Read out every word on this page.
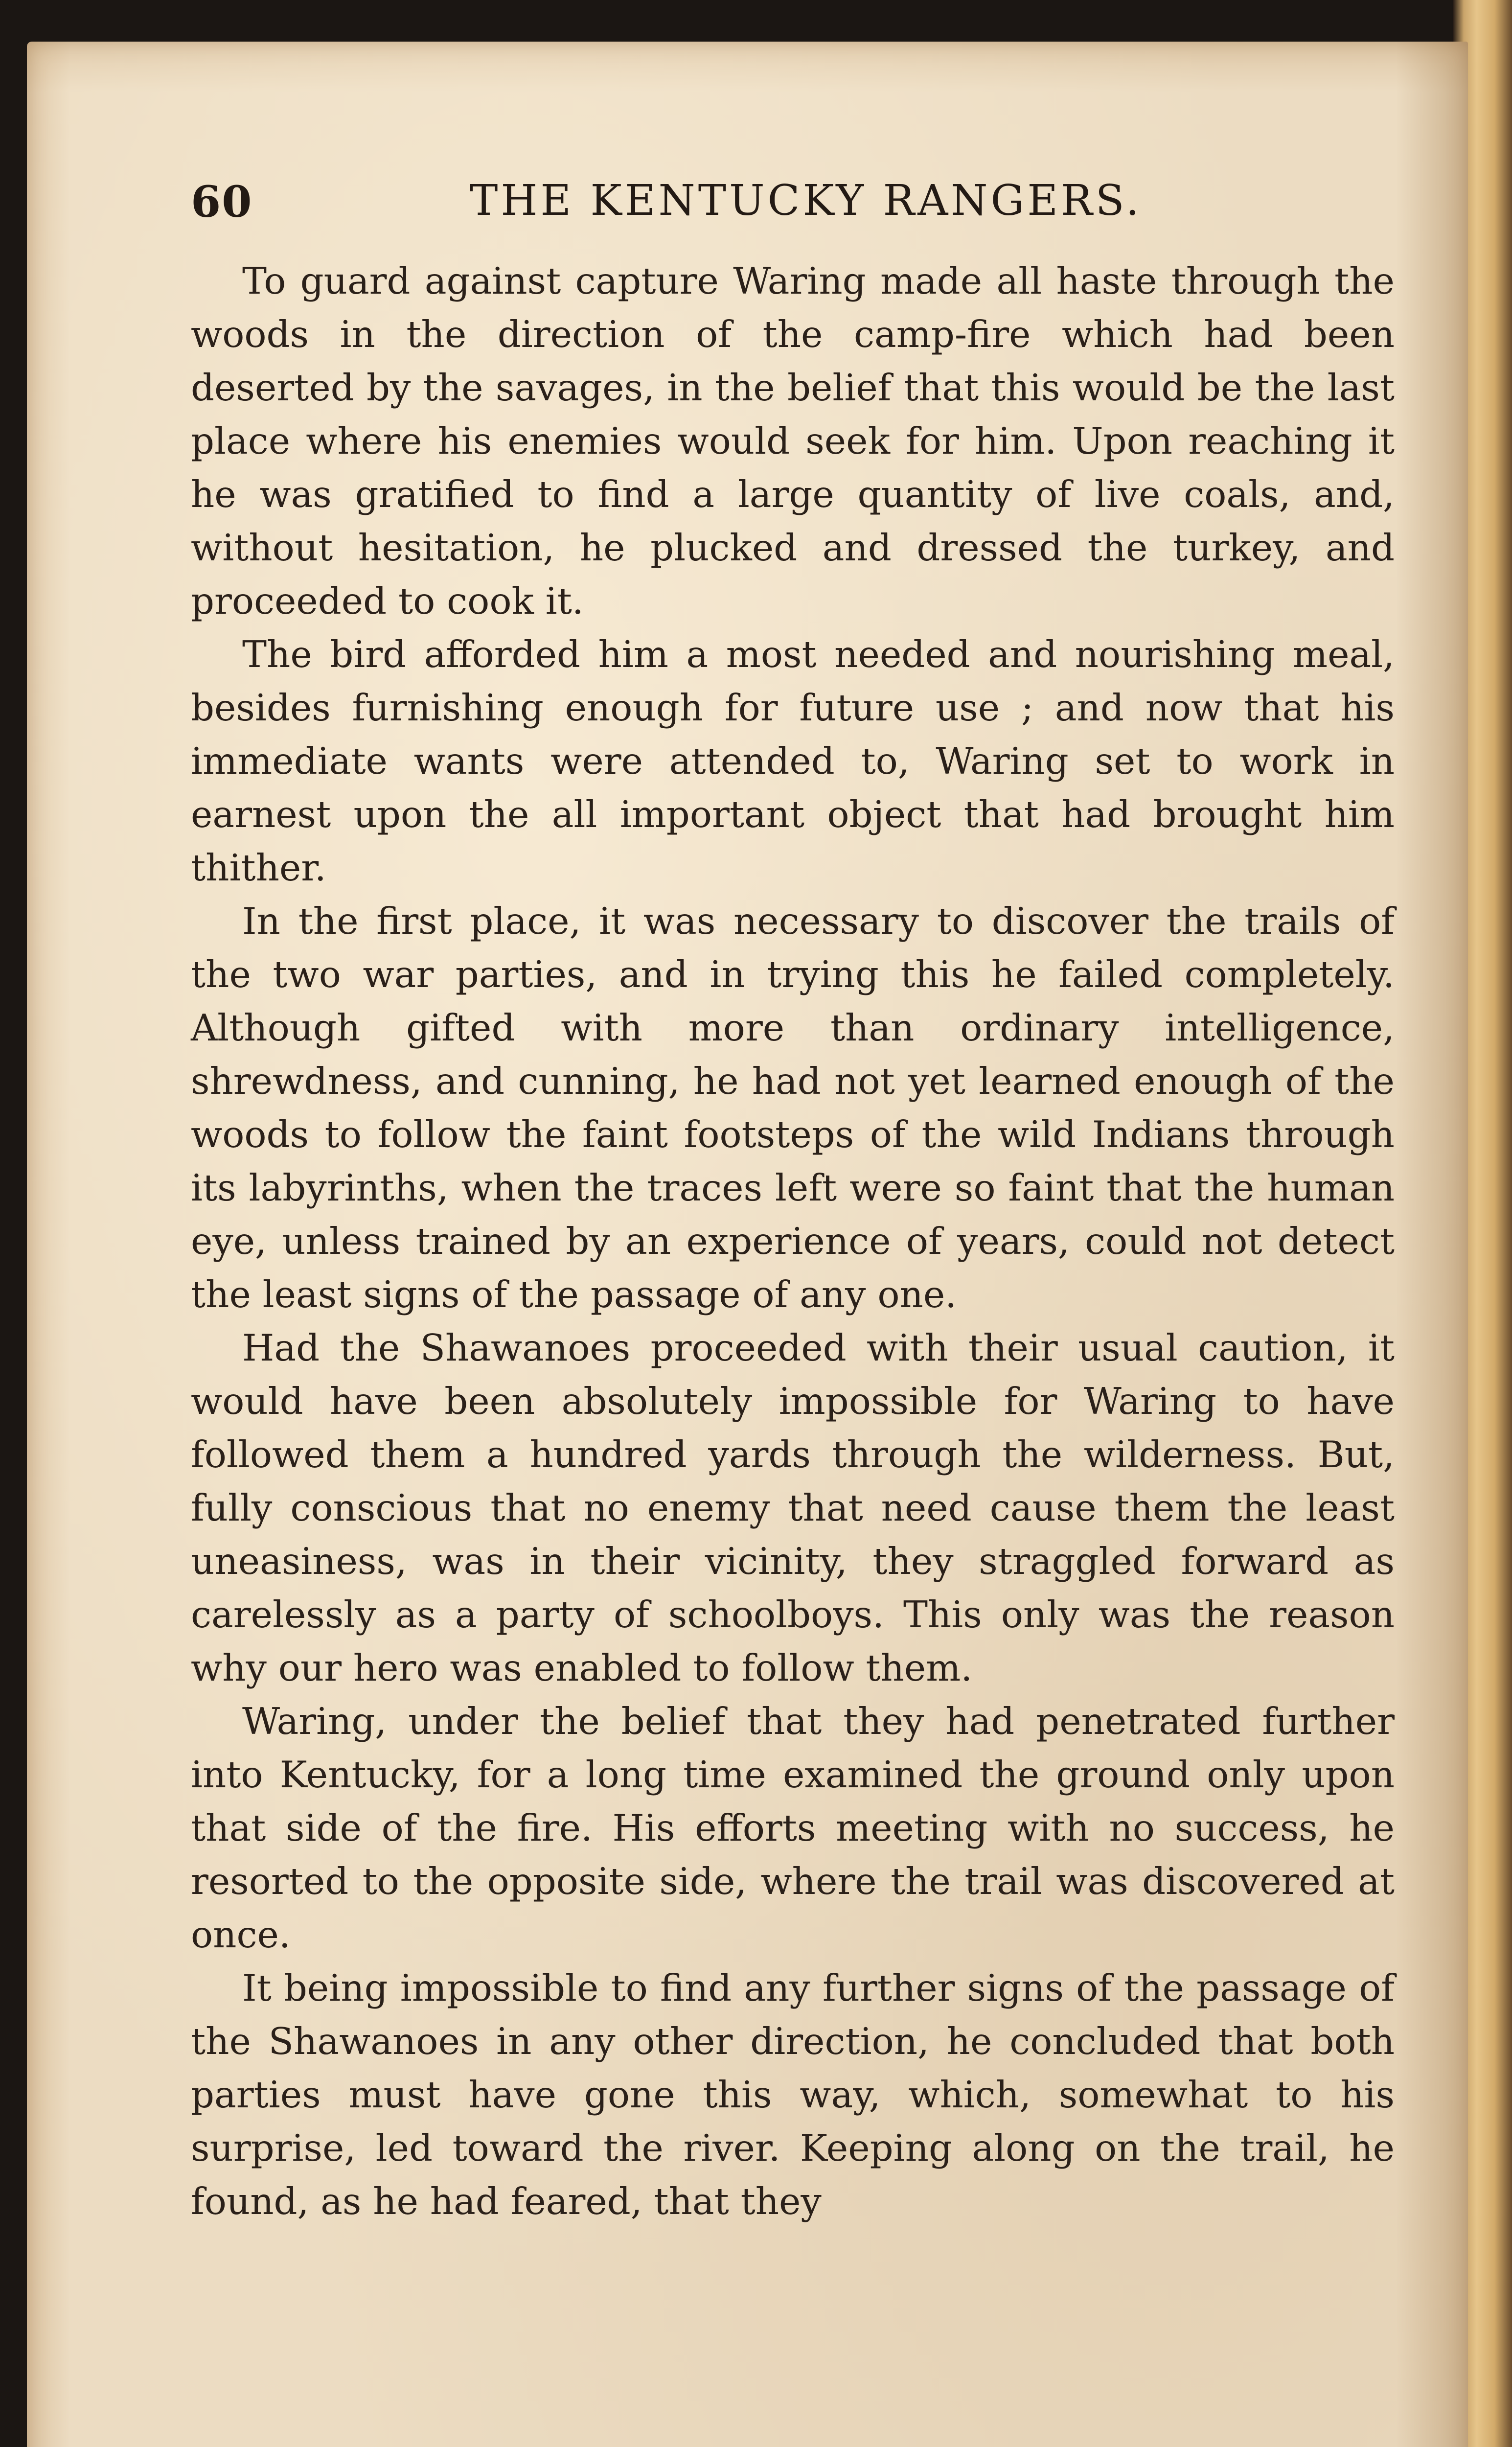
60	THE KENTUCKY RANGERS.

To guard against capture Waring made all haste through the woods in the direction of the camp-fire which had been deserted by the savages, in the belief that this would be the last place where his enemies would seek for him. Upon reaching it he was gratified to find a large quantity of live coals, and, without hesitation, he plucked and dressed the turkey, and proceeded to cook it.

The bird afforded him a most needed and nourishing meal, besides furnishing enough for future use ; and now that his immediate wants were attended to, Waring set to work in earnest upon the all important object that had brought him thither.

In the first place, it was necessary to discover the trails of the two war parties, and in trying this he failed completely. Although gifted with more than ordinary intelligence, shrewdness, and cunning, he had not yet learned enough of the woods to follow the faint footsteps of the wild Indians through its labyrinths, when the traces left were so faint that the human eye, unless trained by an experience of years, could not detect the least signs of the passage of any one.

Had the Shawanoes proceeded with their usual caution, it would have been absolutely impossible for Waring to have followed them a hundred yards through the wilderness. But, fully conscious that no enemy that need cause them the least uneasiness, was in their vicinity, they straggled forward as carelessly as a party of schoolboys. This only was the reason why our hero was enabled to follow them.

Waring, under the belief that they had penetrated further into Kentucky, for a long time examined the ground only upon that side of the fire. His efforts meeting with no success, he resorted to the opposite side, where the trail was discovered at once.

It being impossible to find any further signs of the passage of the Shawanoes in any other direction, he concluded that both parties must have gone this way, which, somewhat to his surprise, led toward the river. Keeping along on the trail, he found, as he had feared, that they
